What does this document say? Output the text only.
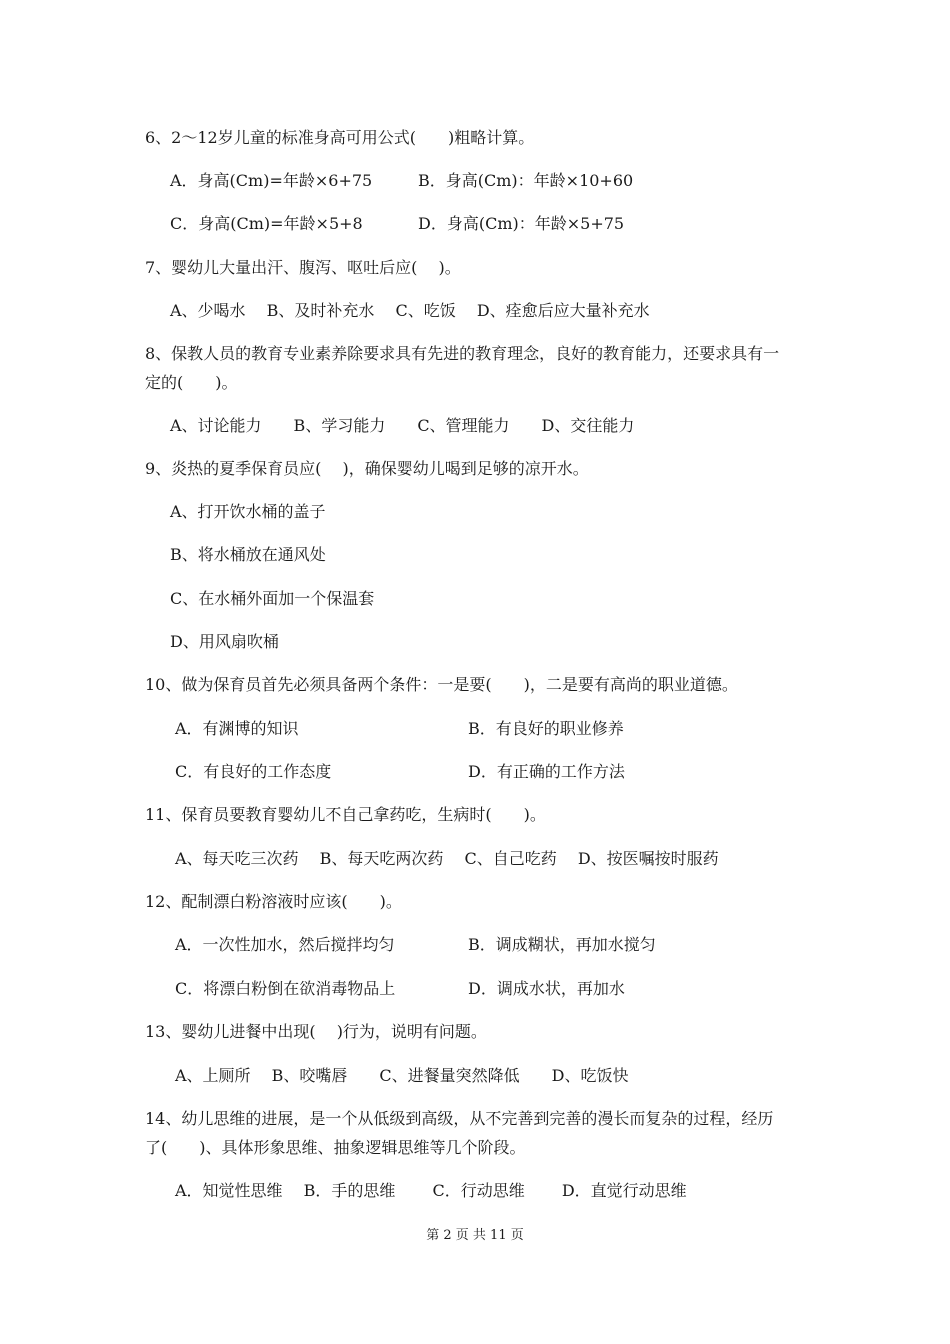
6、2～12岁儿童的标准身高可用公式(　　)粗略计算。
A．身高(Cm)=年龄×6+75	B．身高(Cm)：年龄×10+60
C．身高(Cm)=年龄×5+8	D．身高(Cm)：年龄×5+75
7、婴幼儿大量出汗、腹泻、呕吐后应(　 )。
A、少喝水　 B、及时补充水　 C、吃饭　 D、痊愈后应大量补充水
8、保教人员的教育专业素养除要求具有先进的教育理念，良好的教育能力，还要求具有一
定的(　　)。
A、讨论能力　　B、学习能力　　C、管理能力　　D、交往能力
9、炎热的夏季保育员应(　 )，确保婴幼儿喝到足够的凉开水。
A、打开饮水桶的盖子
B、将水桶放在通风处
C、在水桶外面加一个保温套
D、用风扇吹桶
10、做为保育员首先必须具备两个条件：一是要(　　)，二是要有高尚的职业道德。
A．有渊博的知识	B．有良好的职业修养
C．有良好的工作态度	D．有正确的工作方法
11、保育员要教育婴幼儿不自己拿药吃，生病时(　　)。
A、每天吃三次药　 B、每天吃两次药　 C、自己吃药　 D、按医嘱按时服药
12、配制漂白粉溶液时应该(　　)。
A．一次性加水，然后搅拌均匀	B．调成糊状，再加水搅匀
C．将漂白粉倒在欲消毒物品上	D．调成水状，再加水
13、婴幼儿进餐中出现(　 )行为，说明有问题。
A、上厕所　 B、咬嘴唇　　C、进餐量突然降低　　D、吃饭快
14、幼儿思维的进展，是一个从低级到高级，从不完善到完善的漫长而复杂的过程，经历
了(　　)、具体形象思维、抽象逻辑思维等几个阶段。
A．知觉性思维　 B．手的思维　　 C．行动思维　　 D．直觉行动思维
第 2 页 共 11 页
